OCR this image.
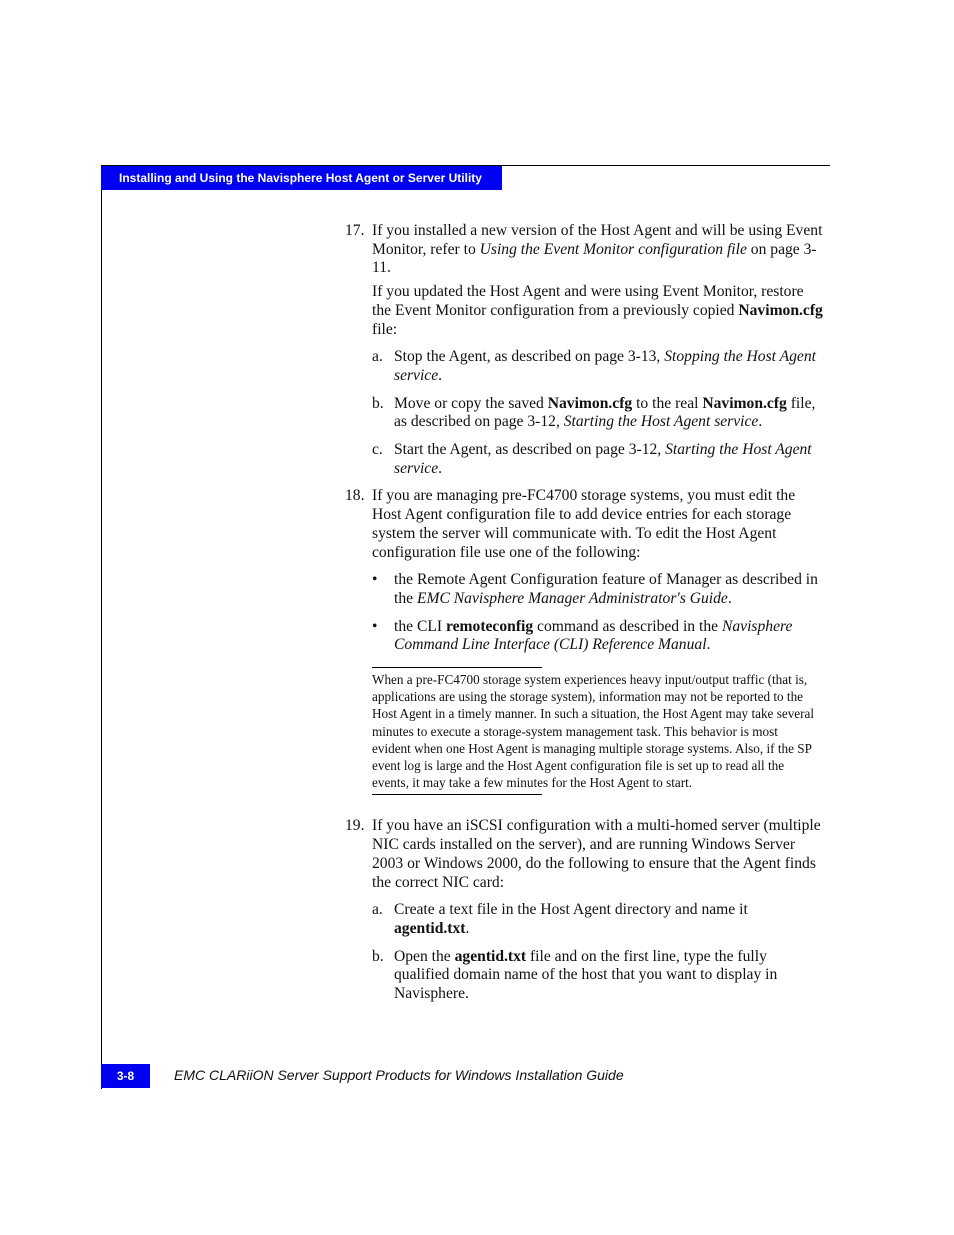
Installing and Using the Navisphere Host Agent or Server Utility
17. If you installed a new version of the Host Agent and will be using Event Monitor, refer to Using the Event Monitor configuration file on page 3-11.

If you updated the Host Agent and were using Event Monitor, restore the Event Monitor configuration from a previously copied Navimon.cfg file:

a. Stop the Agent, as described on page 3-13, Stopping the Host Agent service.
b. Move or copy the saved Navimon.cfg to the real Navimon.cfg file, as described on page 3-12, Starting the Host Agent service.
c. Start the Agent, as described on page 3-12, Starting the Host Agent service.
18. If you are managing pre-FC4700 storage systems, you must edit the Host Agent configuration file to add device entries for each storage system the server will communicate with. To edit the Host Agent configuration file use one of the following:

• the Remote Agent Configuration feature of Manager as described in the EMC Navisphere Manager Administrator's Guide.
• the CLI remoteconfig command as described in the Navisphere Command Line Interface (CLI) Reference Manual.

When a pre-FC4700 storage system experiences heavy input/output traffic (that is, applications are using the storage system), information may not be reported to the Host Agent in a timely manner. In such a situation, the Host Agent may take several minutes to execute a storage-system management task. This behavior is most evident when one Host Agent is managing multiple storage systems. Also, if the SP event log is large and the Host Agent configuration file is set up to read all the events, it may take a few minutes for the Host Agent to start.

19. If you have an iSCSI configuration with a multi-homed server (multiple NIC cards installed on the server), and are running Windows Server 2003 or Windows 2000, do the following to ensure that the Agent finds the correct NIC card:

a. Create a text file in the Host Agent directory and name it agentid.txt.
b. Open the agentid.txt file and on the first line, type the fully qualified domain name of the host that you want to display in Navisphere.
3-8	EMC CLARiiON Server Support Products for Windows Installation Guide
